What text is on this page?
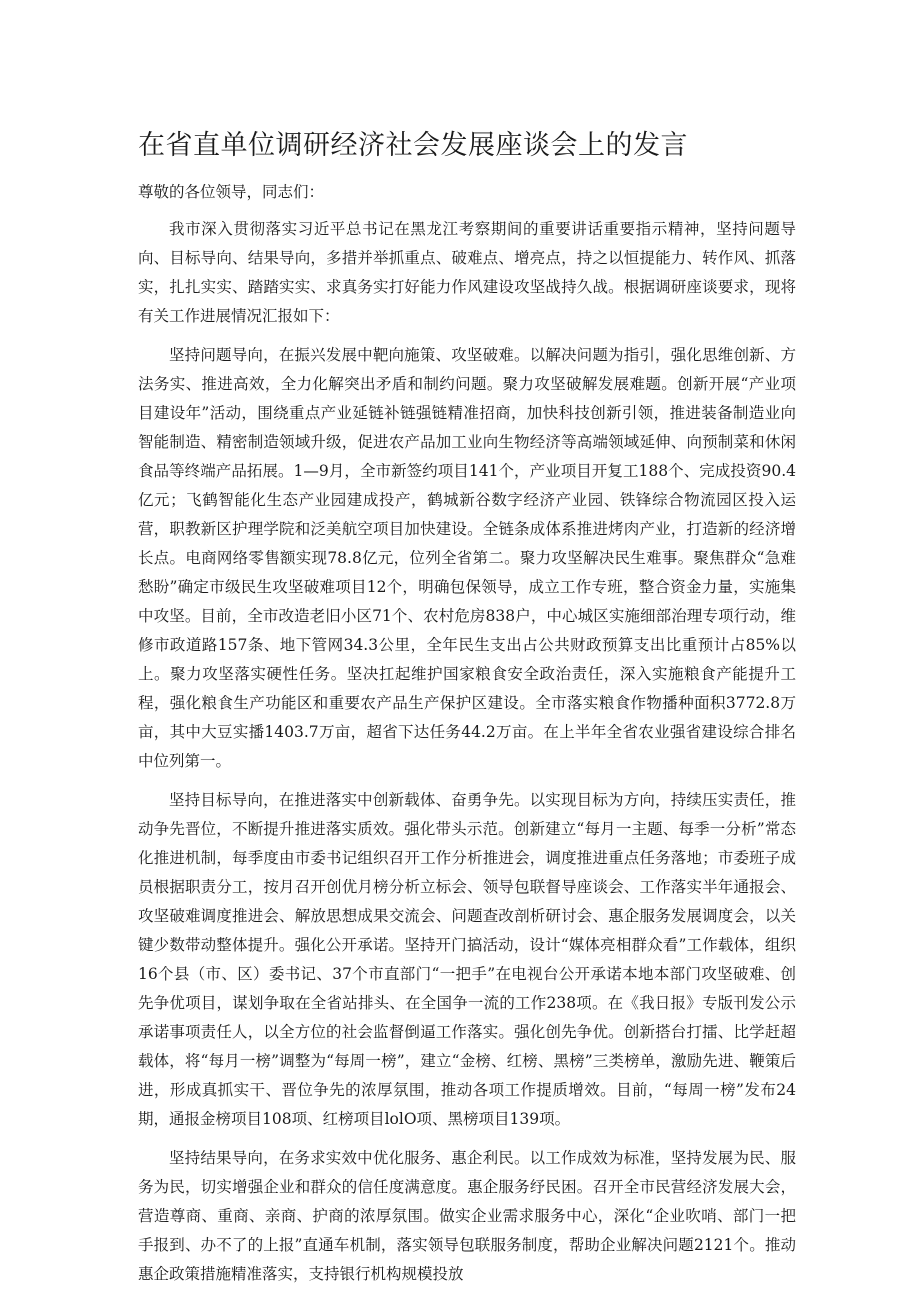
在省直单位调研经济社会发展座谈会上的发言

尊敬的各位领导，同志们：

我市深入贯彻落实习近平总书记在黑龙江考察期间的重要讲话重要指示精神，坚持问题导向、目标导向、结果导向，多措并举抓重点、破难点、增亮点，持之以恒提能力、转作风、抓落实，扎扎实实、踏踏实实、求真务实打好能力作风建设攻坚战持久战。根据调研座谈要求，现将有关工作进展情况汇报如下：

坚持问题导向，在振兴发展中靶向施策、攻坚破难。以解决问题为指引，强化思维创新、方法务实、推进高效，全力化解突出矛盾和制约问题。聚力攻坚破解发展难题。创新开展“产业项目建设年”活动，围绕重点产业延链补链强链精准招商，加快科技创新引领，推进装备制造业向智能制造、精密制造领域升级，促进农产品加工业向生物经济等高端领域延伸、向预制菜和休闲食品等终端产品拓展。1—9月，全市新签约项目141个，产业项目开复工188个、完成投资90.4亿元；飞鹤智能化生态产业园建成投产，鹤城新谷数字经济产业园、铁锋综合物流园区投入运营，职教新区护理学院和泛美航空项目加快建设。全链条成体系推进烤肉产业，打造新的经济增长点。电商网络零售额实现78.8亿元，位列全省第二。聚力攻坚解决民生难事。聚焦群众“急难愁盼”确定市级民生攻坚破难项目12个，明确包保领导，成立工作专班，整合资金力量，实施集中攻坚。目前，全市改造老旧小区71个、农村危房838户，中心城区实施细部治理专项行动，维修市政道路157条、地下管网34.3公里，全年民生支出占公共财政预算支出比重预计占85%以上。聚力攻坚落实硬性任务。坚决扛起维护国家粮食安全政治责任，深入实施粮食产能提升工程，强化粮食生产功能区和重要农产品生产保护区建设。全市落实粮食作物播种面积3772.8万亩，其中大豆实播1403.7万亩，超省下达任务44.2万亩。在上半年全省农业强省建设综合排名中位列第一。

坚持目标导向，在推进落实中创新载体、奋勇争先。以实现目标为方向，持续压实责任，推动争先晋位，不断提升推进落实质效。强化带头示范。创新建立“每月一主题、每季一分析”常态化推进机制，每季度由市委书记组织召开工作分析推进会，调度推进重点任务落地；市委班子成员根据职责分工，按月召开创优月榜分析立标会、领导包联督导座谈会、工作落实半年通报会、攻坚破难调度推进会、解放思想成果交流会、问题查改剖析研讨会、惠企服务发展调度会，以关键少数带动整体提升。强化公开承诺。坚持开门搞活动，设计“媒体亮相群众看”工作载体，组织16个县（市、区）委书记、37个市直部门“一把手”在电视台公开承诺本地本部门攻坚破难、创先争优项目，谋划争取在全省站排头、在全国争一流的工作238项。在《我日报》专版刊发公示承诺事项责任人，以全方位的社会监督倒逼工作落实。强化创先争优。创新搭台打擂、比学赶超载体，将“每月一榜”调整为“每周一榜”，建立“金榜、红榜、黑榜”三类榜单，激励先进、鞭策后进，形成真抓实干、晋位争先的浓厚氛围，推动各项工作提质增效。目前，“每周一榜”发布24期，通报金榜项目108项、红榜项目lolO项、黑榜项目139项。

坚持结果导向，在务求实效中优化服务、惠企利民。以工作成效为标准，坚持发展为民、服务为民，切实增强企业和群众的信任度满意度。惠企服务纾民困。召开全市民营经济发展大会，营造尊商、重商、亲商、护商的浓厚氛围。做实企业需求服务中心，深化“企业吹哨、部门一把手报到、办不了的上报”直通车机制，落实领导包联服务制度，帮助企业解决问题2121个。推动惠企政策措施精准落实，支持银行机构规模投放
